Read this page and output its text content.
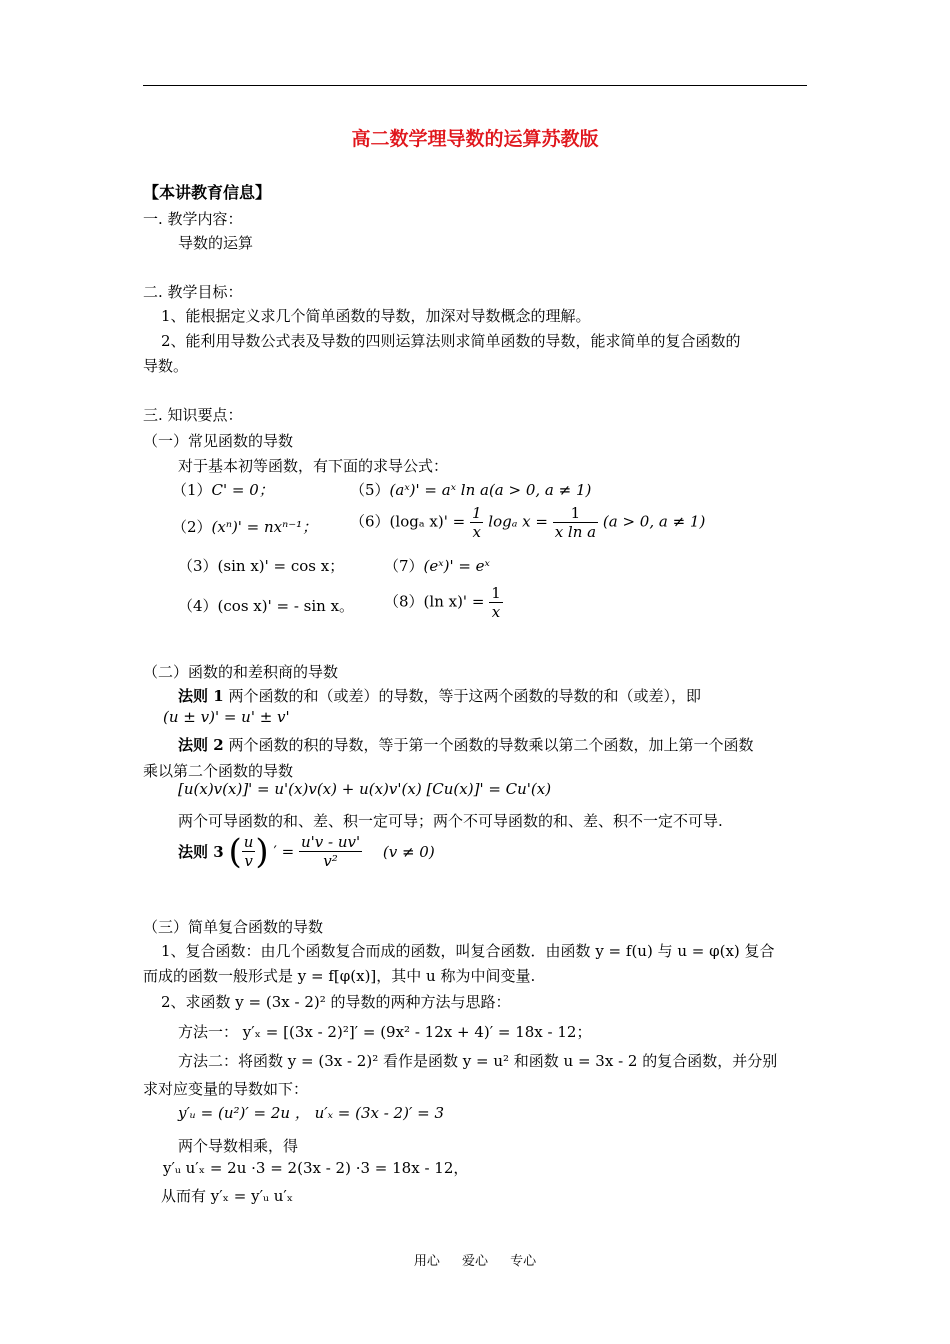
高二数学理导数的运算苏教版
【本讲教育信息】
一. 教学内容：
导数的运算
二. 教学目标：
1、能根据定义求几个简单函数的导数，加深对导数概念的理解。
2、能利用导数公式表及导数的四则运算法则求简单函数的导数，能求简单的复合函数的
导数。
三. 知识要点：
（一）常见函数的导数
对于基本初等函数，有下面的求导公式：
（1）C' = 0；
（2）(xⁿ)' = nxⁿ⁻¹；
（3）(sin x)' = cos x；
（4）(cos x)' = - sin x。
（5）(aˣ)' = aˣ ln a(a > 0, a ≠ 1)
（6）(logₐ $x)' = \frac{1}{x}$ logₐ $x = \frac{1}{\text{x ln a}} (a > 0$, a ≠ 1)
（7）(eˣ)' = eˣ
（8）(ln $x)' = \frac{1}{x}$
（二）函数的和差积商的导数
法则 1 两个函数的和（或差）的导数，等于这两个函数的导数的和（或差），即
(u ± v)' = u' ± v'
法则 2 两个函数的积的导数，等于第一个函数的导数乘以第二个函数，加上第一个函数
乘以第二个函数的导数
[u(x)v(x)]' = u'(x)v(x) + u(x)v'(x) [Cu(x)]' = Cu'(x)
两个可导函数的和、差、积一定可导；两个不可导函数的和、差、积不一定不可导.
法则 3 ( $\frac{u}{v}$ ) ′ = $\frac{u'v - uv'}{\text{v²}} (v \ne 0)$
（三）简单复合函数的导数
1、复合函数：由几个函数复合而成的函数，叫复合函数．由函数 y = f(u) 与 u = φ(x) 复合
而成的函数一般形式是 y = f[φ(x)]，其中 u 称为中间变量.
2、求函数 y = (3x - 2)² 的导数的两种方法与思路：
方法一： y′ₓ = [(3x - 2)²]′ = (9x² - 12x + 4)′ = 18x - 12；
方法二：将函数 y = (3x - 2)² 看作是函数 y = u² 和函数 u = 3x - 2 的复合函数，并分别
求对应变量的导数如下：
y′ᵤ = (u²)′ = 2u ， u′ₓ = (3x - 2)′ = 3
两个导数相乘，得
y′ᵤ u′ₓ = 2u ·3 = 2(3x - 2) ·3 = 18x - 12，
从而有 y′ₓ = y′ᵤ u′ₓ
用心 爱心 专心
